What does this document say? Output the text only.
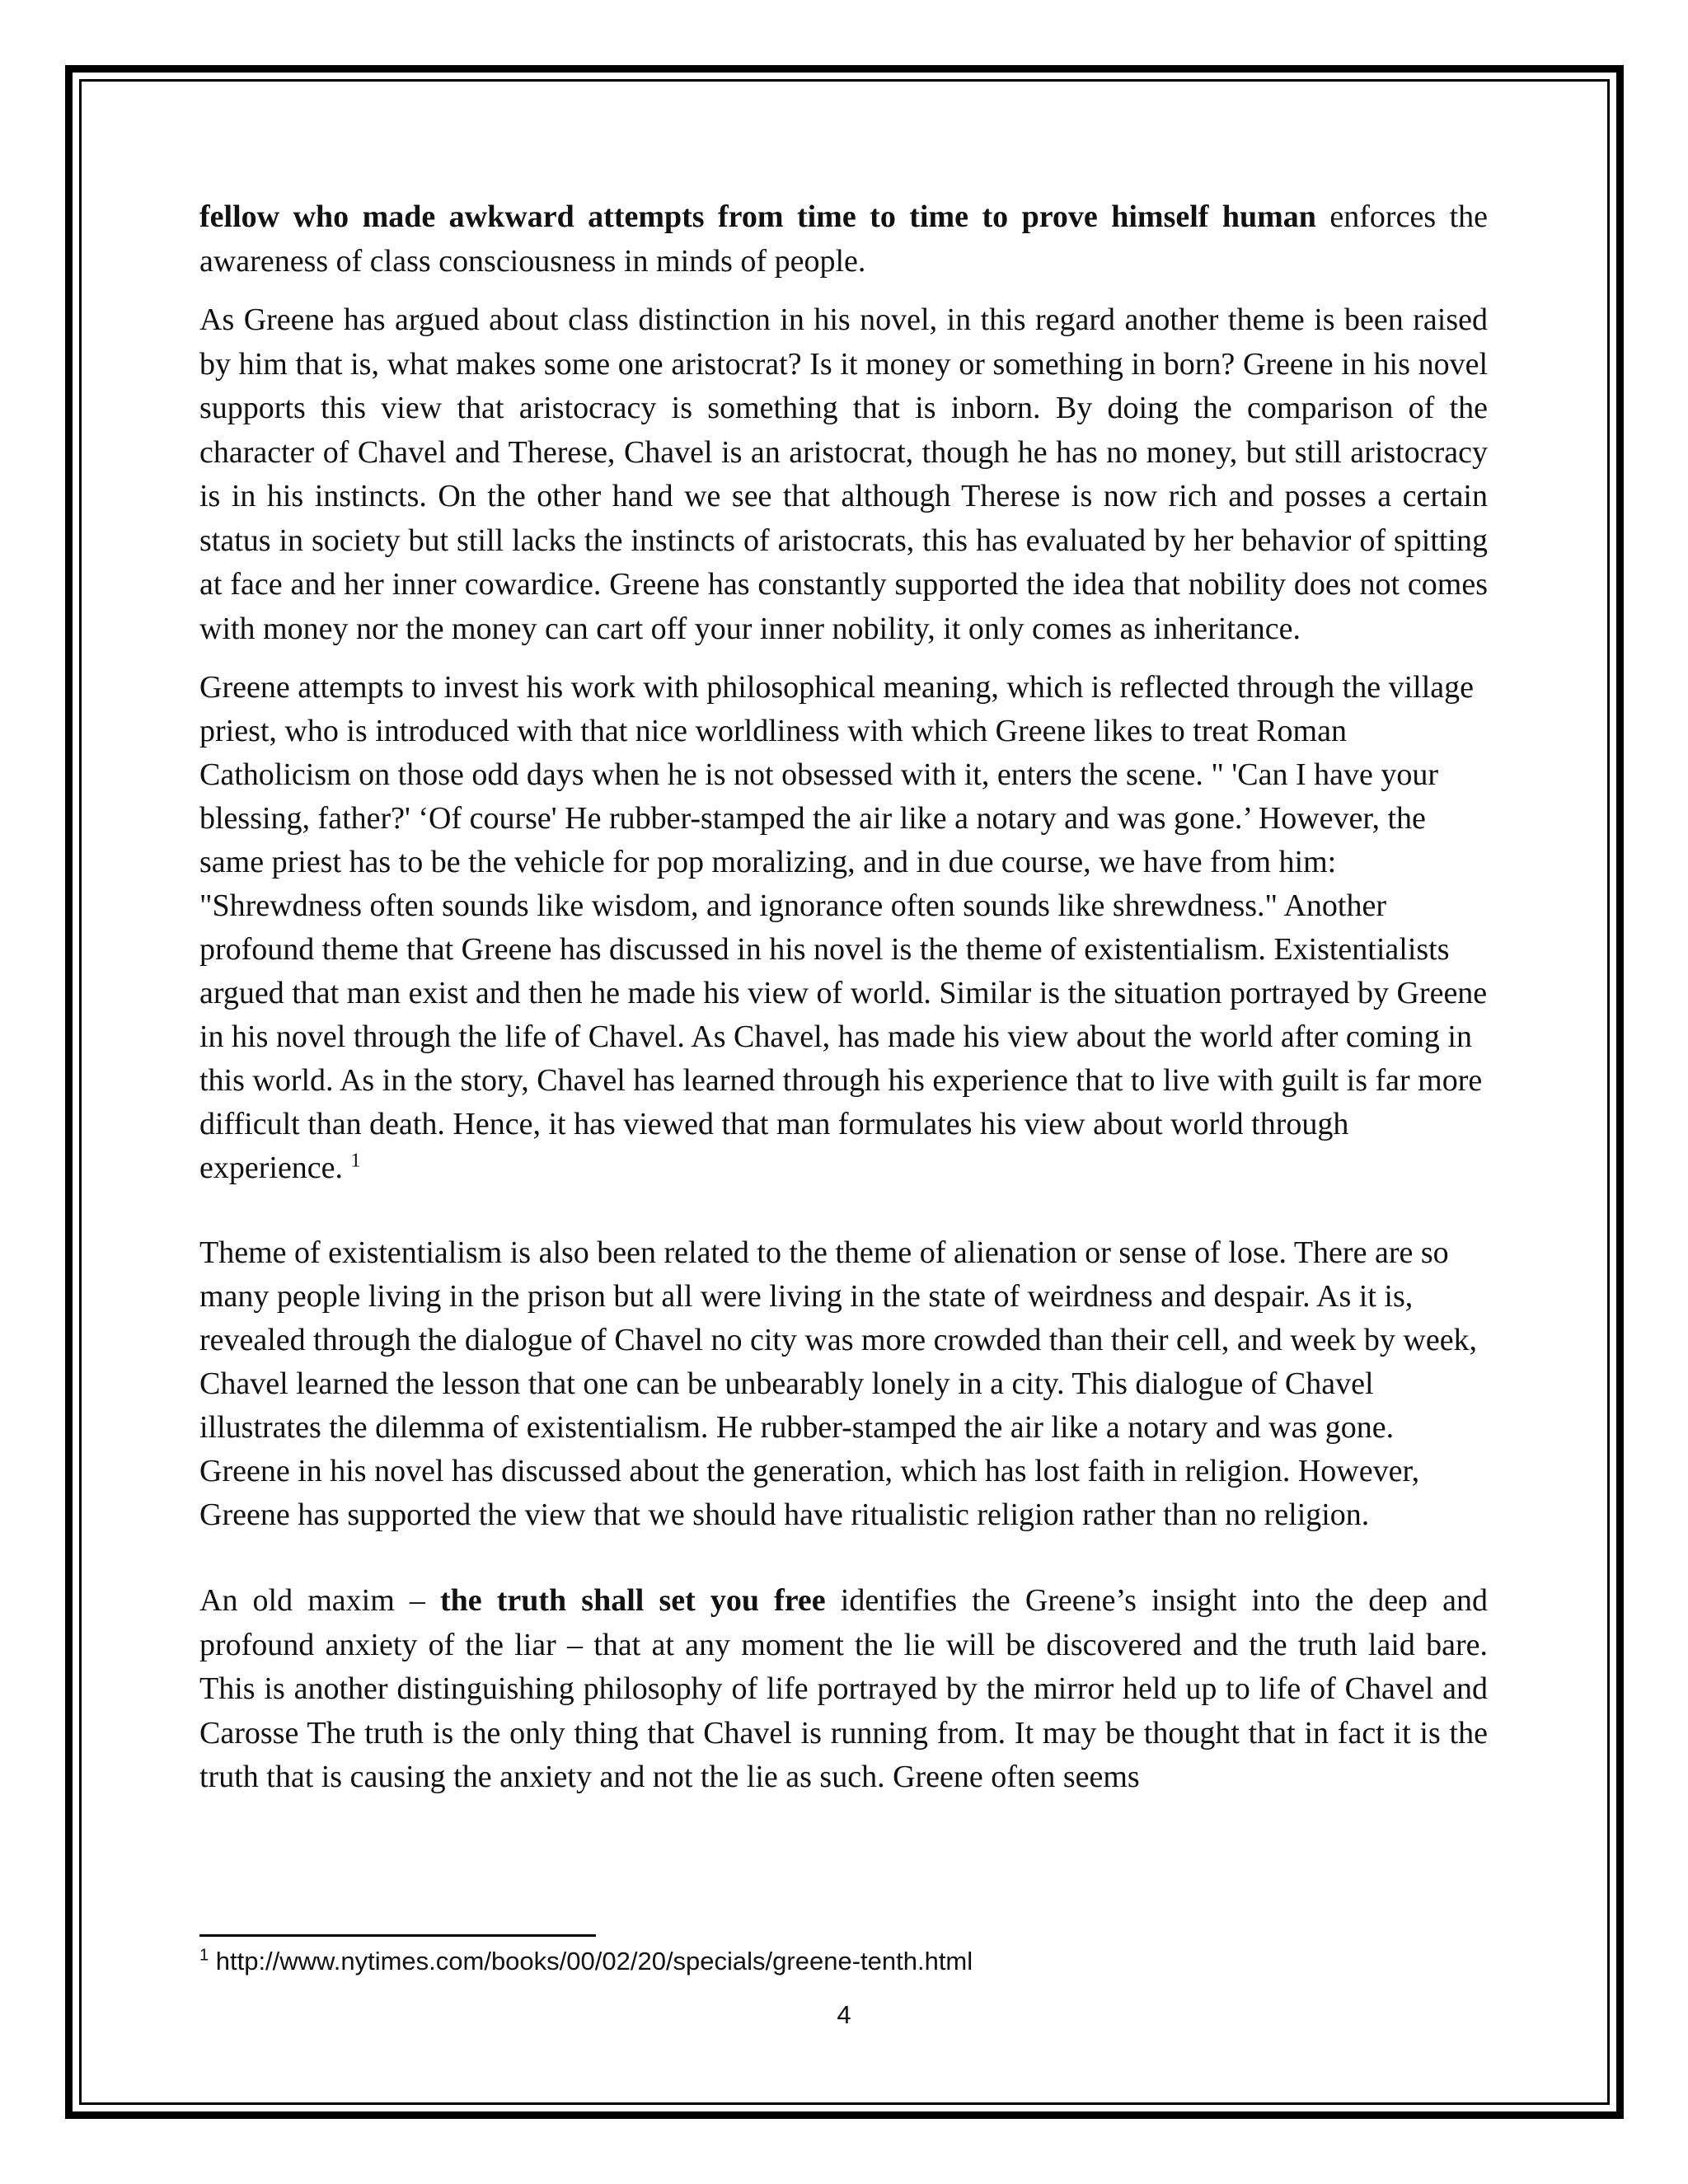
fellow who made awkward attempts from time to time to prove himself human enforces the awareness of class consciousness in minds of people.

As Greene has argued about class distinction in his novel, in this regard another theme is been raised by him that is, what makes some one aristocrat? Is it money or something in born? Greene in his novel supports this view that aristocracy is something that is inborn. By doing the comparison of the character of Chavel and Therese, Chavel is an aristocrat, though he has no money, but still aristocracy is in his instincts. On the other hand we see that although Therese is now rich and posses a certain status in society but still lacks the instincts of aristocrats, this has evaluated by her behavior of spitting at face and her inner cowardice. Greene has constantly supported the idea that nobility does not comes with money nor the money can cart off your inner nobility, it only comes as inheritance.

Greene attempts to invest his work with philosophical meaning, which is reflected through the village priest, who is introduced with that nice worldliness with which Greene likes to treat Roman Catholicism on those odd days when he is not obsessed with it, enters the scene. " 'Can I have your blessing, father?' ‘Of course' He rubber-stamped the air like a notary and was gone.’ However, the same priest has to be the vehicle for pop moralizing, and in due course, we have from him: "Shrewdness often sounds like wisdom, and ignorance often sounds like shrewdness." Another profound theme that Greene has discussed in his novel is the theme of existentialism. Existentialists argued that man exist and then he made his view of world. Similar is the situation portrayed by Greene in his novel through the life of Chavel. As Chavel, has made his view about the world after coming in this world. As in the story, Chavel has learned through his experience that to live with guilt is far more difficult than death. Hence, it has viewed that man formulates his view about world through experience. $^1$

Theme of existentialism is also been related to the theme of alienation or sense of lose. There are so many people living in the prison but all were living in the state of weirdness and despair. As it is, revealed through the dialogue of Chavel no city was more crowded than their cell, and week by week, Chavel learned the lesson that one can be unbearably lonely in a city. This dialogue of Chavel illustrates the dilemma of existentialism. He rubber-stamped the air like a notary and was gone. Greene in his novel has discussed about the generation, which has lost faith in religion. However, Greene has supported the view that we should have ritualistic religion rather than no religion.

An old maxim – the truth shall set you free identifies the Greene’s insight into the deep and profound anxiety of the liar – that at any moment the lie will be discovered and the truth laid bare. This is another distinguishing philosophy of life portrayed by the mirror held up to life of Chavel and Carosse The truth is the only thing that Chavel is running from. It may be thought that in fact it is the truth that is causing the anxiety and not the lie as such. Greene often seems

$^1$ http://www.nytimes.com/books/00/02/20/specials/greene-tenth.html
4
